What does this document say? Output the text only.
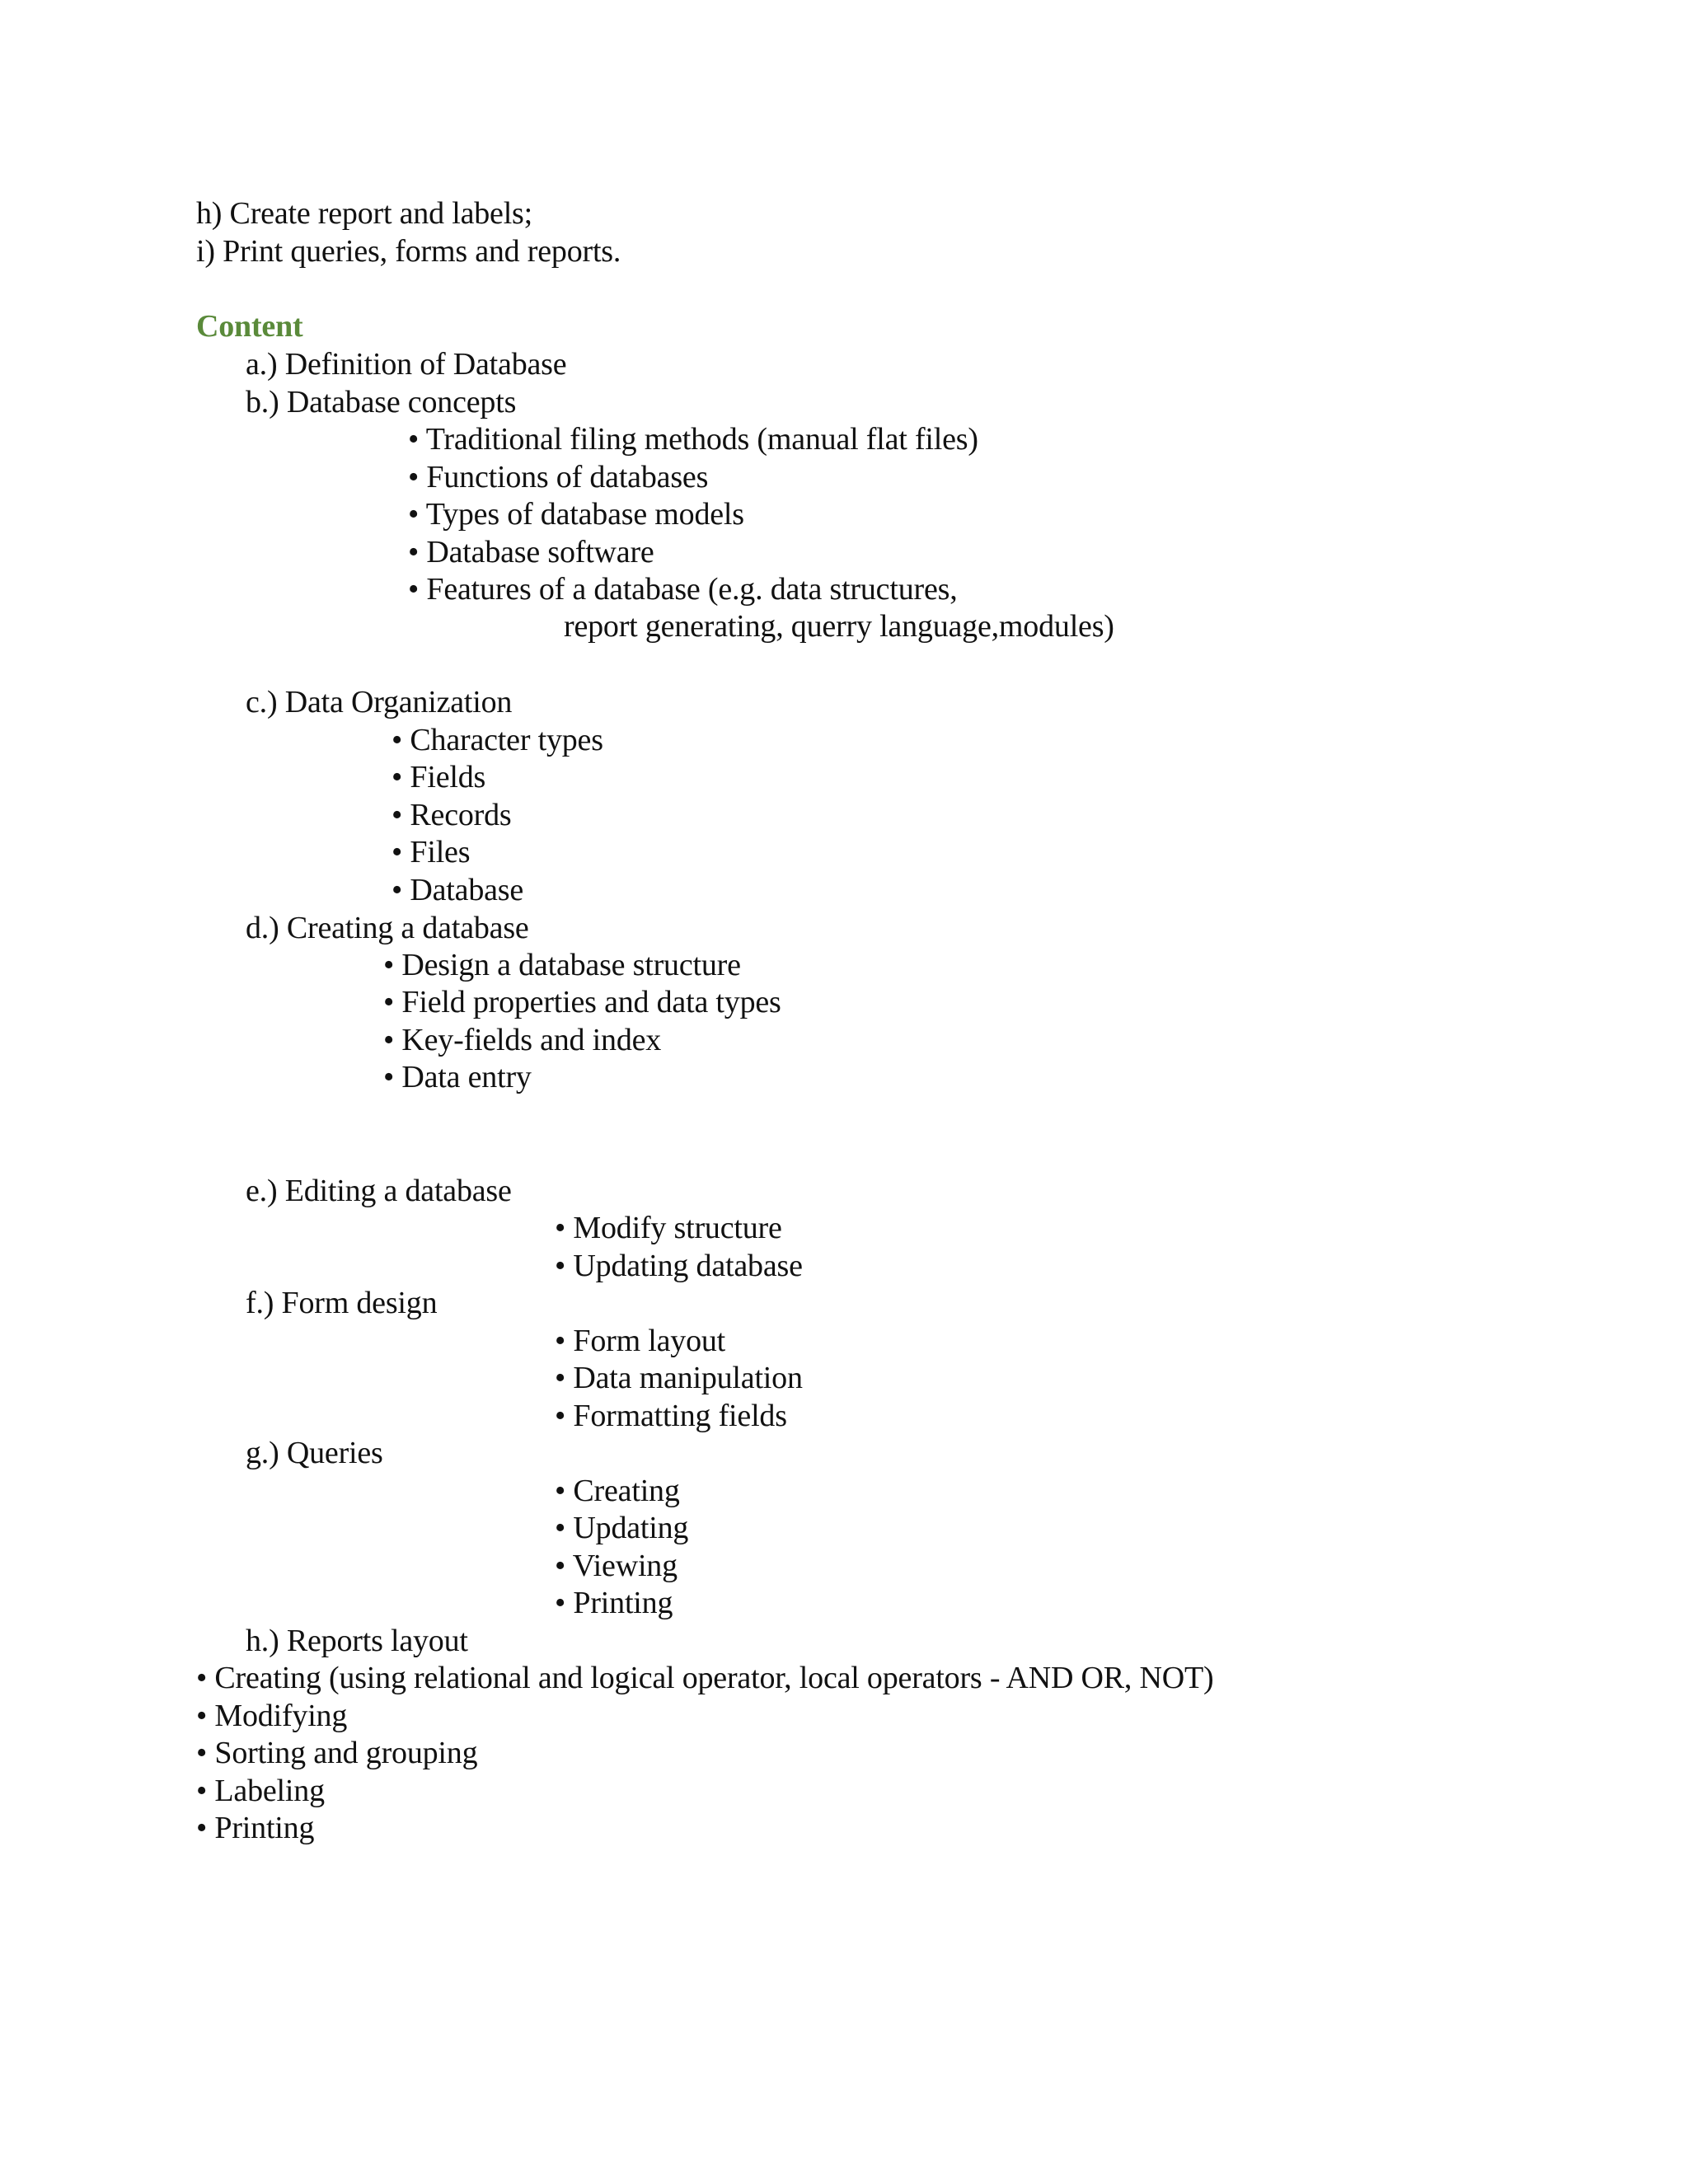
h) Create report and labels;
i) Print queries, forms and reports.
Content
a.) Definition of Database
b.) Database concepts
• Traditional filing methods (manual flat files)
• Functions of databases
• Types of database models
• Database software
• Features of a database (e.g. data structures,
report generating, querry language,modules)
c.) Data Organization
• Character types
• Fields
• Records
• Files
• Database
d.) Creating a database
• Design a database structure
• Field properties and data types
• Key-fields and index
• Data entry
e.) Editing a database
• Modify structure
• Updating database
f.) Form design
• Form layout
• Data manipulation
• Formatting fields
g.) Queries
• Creating
• Updating
• Viewing
• Printing
h.) Reports layout
• Creating (using relational and logical operator, local operators - AND OR, NOT)
• Modifying
• Sorting and grouping
• Labeling
• Printing
